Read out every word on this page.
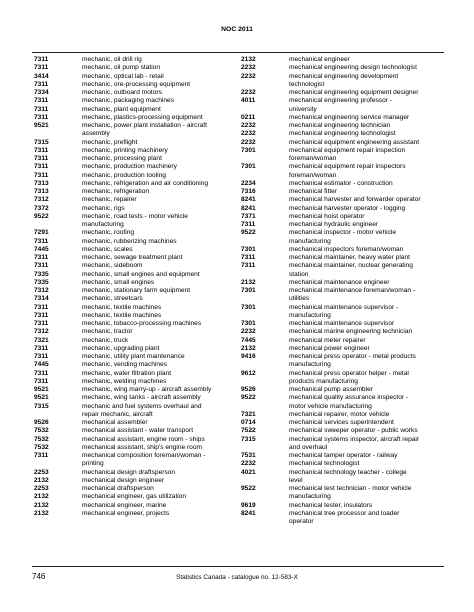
NOC 2011
7311	mechanic, oil drill rig
7311	mechanic, oil pump station
3414	mechanic, optical lab - retail
7311	mechanic, ore-processing equipment
7334	mechanic, outboard motors
7311	mechanic, packaging machines
7311	mechanic, plant equipment
7311	mechanic, plastics-processing equipment
9521	mechanic, power plant installation - aircraft
assembly
7315	mechanic, preflight
7311	mechanic, printing machinery
7311	mechanic, processing plant
7311	mechanic, production machinery
7311	mechanic, production tooling
7313	mechanic, refrigeration and air conditioning
7313	mechanic, refrigeration
7312	mechanic, repairer
7372	mechanic, rigs
9522	mechanic, road tests - motor vehicle
manufacturing
7291	mechanic, roofing
7311	mechanic, rubberizing machines
7445	mechanic, scales
7311	mechanic, sewage treatment plant
7311	mechanic, sideboom
7335	mechanic, small engines and equipment
7335	mechanic, small engines
7312	mechanic, stationary farm equipment
7314	mechanic, streetcars
7311	mechanic, textile machines
7311	mechanic, textile machines
7311	mechanic, tobacco-processing machines
7312	mechanic, tractor
7321	mechanic, truck
7311	mechanic, upgrading plant
7311	mechanic, utility plant maintenance
7445	mechanic, vending machines
7311	mechanic, water filtration plant
7311	mechanic, welding machines
9521	mechanic, wing marry-up - aircraft assembly
9521	mechanic, wing tanks - aircraft assembly
7315	mechanic and fuel systems overhaul and
repair mechanic, aircraft
9526	mechanical assembler
7532	mechanical assistant - water transport
7532	mechanical assistant, engine room - ships
7532	mechanical assistant, ship's engine room
7311	mechanical composition foreman/woman -
printing
2253	mechanical design draftsperson
2132	mechanical design engineer
2253	mechanical draftsperson
2132	mechanical engineer, gas utilization
2132	mechanical engineer, marine
2132	mechanical engineer, projects
2132	mechanical engineer
2232	mechanical engineering design technologist
2232	mechanical engineering development
technologist
2232	mechanical engineering equipment designer
4011	mechanical engineering professor -
university
0211	mechanical engineering service manager
2232	mechanical engineering technician
2232	mechanical engineering technologist
2232	mechanical equipment engineering assistant
7301	mechanical equipment repair inspection
foreman/woman
7301	mechanical equipment repair inspectors
foreman/woman
2234	mechanical estimator - construction
7316	mechanical fitter
8241	mechanical harvester and forwarder operator
8241	mechanical harvester operator - logging
7371	mechanical hoist operator
7311	mechanical hydraulic engineer
9522	mechanical inspector - motor vehicle
manufacturing
7301	mechanical inspectors foreman/woman
7311	mechanical maintainer, heavy water plant
7311	mechanical maintainer, nuclear generating
station
2132	mechanical maintenance engineer
7301	mechanical maintenance foreman/woman -
utilities
7301	mechanical maintenance supervisor -
manufacturing
7301	mechanical maintenance supervisor
2232	mechanical marine engineering technician
7445	mechanical meter repairer
2132	mechanical power engineer
9416	mechanical press operator - metal products
manufacturing
9612	mechanical press operator helper - metal
products manufacturing
9526	mechanical pump assembler
9522	mechanical quality assurance inspector -
motor vehicle manufacturing
7321	mechanical repairer, motor vehicle
0714	mechanical services superintendent
7522	mechanical sweeper operator - public works
7315	mechanical systems inspector, aircraft repair
and overhaul
7531	mechanical tamper operator - railway
2232	mechanical technologist
4021	mechanical technology teacher - college
level
9522	mechanical test technician - motor vehicle
manufacturing
9619	mechanical tester, insulators
8241	mechanical tree processor and loader
operator
746	Statistics Canada - catalogue no. 12-583-X
